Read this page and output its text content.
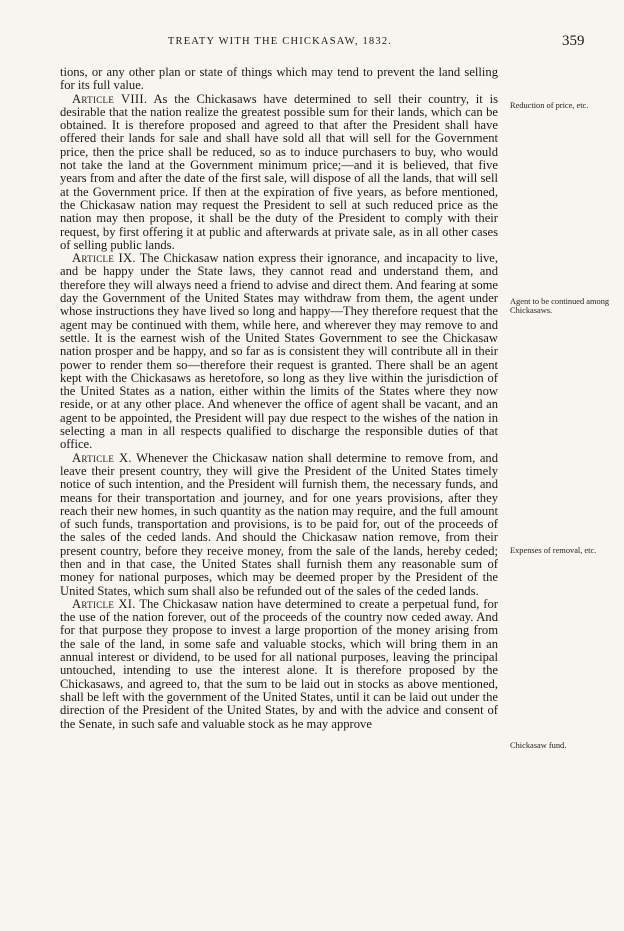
TREATY WITH THE CHICKASAW, 1832.	359

tions, or any other plan or state of things which may tend to prevent the land selling for its full value.

Article VIII. As the Chickasaws have determined to sell their country, it is desirable that the nation realize the greatest possible sum for their lands, which can be obtained. It is therefore proposed and agreed to that after the President shall have offered their lands for sale and shall have sold all that will sell for the Government price, then the price shall be reduced, so as to induce purchasers to buy, who would not take the land at the Government minimum price;—and it is believed, that five years from and after the date of the first sale, will dispose of all the lands, that will sell at the Government price. If then at the expiration of five years, as before mentioned, the Chickasaw nation may request the President to sell at such reduced price as the nation may then propose, it shall be the duty of the President to comply with their request, by first offering it at public and afterwards at private sale, as in all other cases of selling public lands.

Article IX. The Chickasaw nation express their ignorance, and incapacity to live, and be happy under the State laws, they cannot read and understand them, and therefore they will always need a friend to advise and direct them. And fearing at some day the Government of the United States may withdraw from them, the agent under whose instructions they have lived so long and happy—They therefore request that the agent may be continued with them, while here, and wherever they may remove to and settle. It is the earnest wish of the United States Government to see the Chickasaw nation prosper and be happy, and so far as is consistent they will contribute all in their power to render them so—therefore their request is granted. There shall be an agent kept with the Chickasaws as heretofore, so long as they live within the jurisdiction of the United States as a nation, either within the limits of the States where they now reside, or at any other place. And whenever the office of agent shall be vacant, and an agent to be appointed, the President will pay due respect to the wishes of the nation in selecting a man in all respects qualified to discharge the responsible duties of that office.

Article X. Whenever the Chickasaw nation shall determine to remove from, and leave their present country, they will give the President of the United States timely notice of such intention, and the President will furnish them, the necessary funds, and means for their transportation and journey, and for one years provisions, after they reach their new homes, in such quantity as the nation may require, and the full amount of such funds, transportation and provisions, is to be paid for, out of the proceeds of the sales of the ceded lands. And should the Chickasaw nation remove, from their present country, before they receive money, from the sale of the lands, hereby ceded; then and in that case, the United States shall furnish them any reasonable sum of money for national purposes, which may be deemed proper by the President of the United States, which sum shall also be refunded out of the sales of the ceded lands.

Article XI. The Chickasaw nation have determined to create a perpetual fund, for the use of the nation forever, out of the proceeds of the country now ceded away. And for that purpose they propose to invest a large proportion of the money arising from the sale of the land, in some safe and valuable stocks, which will bring them in an annual interest or dividend, to be used for all national purposes, leaving the principal untouched, intending to use the interest alone. It is therefore proposed by the Chickasaws, and agreed to, that the sum to be laid out in stocks as above mentioned, shall be left with the government of the United States, until it can be laid out under the direction of the President of the United States, by and with the advice and consent of the Senate, in such safe and valuable stock as he may approve

Reduction of price, etc.
Agent to be continued among Chickasaws.
Expenses of removal, etc.
Chickasaw fund.
